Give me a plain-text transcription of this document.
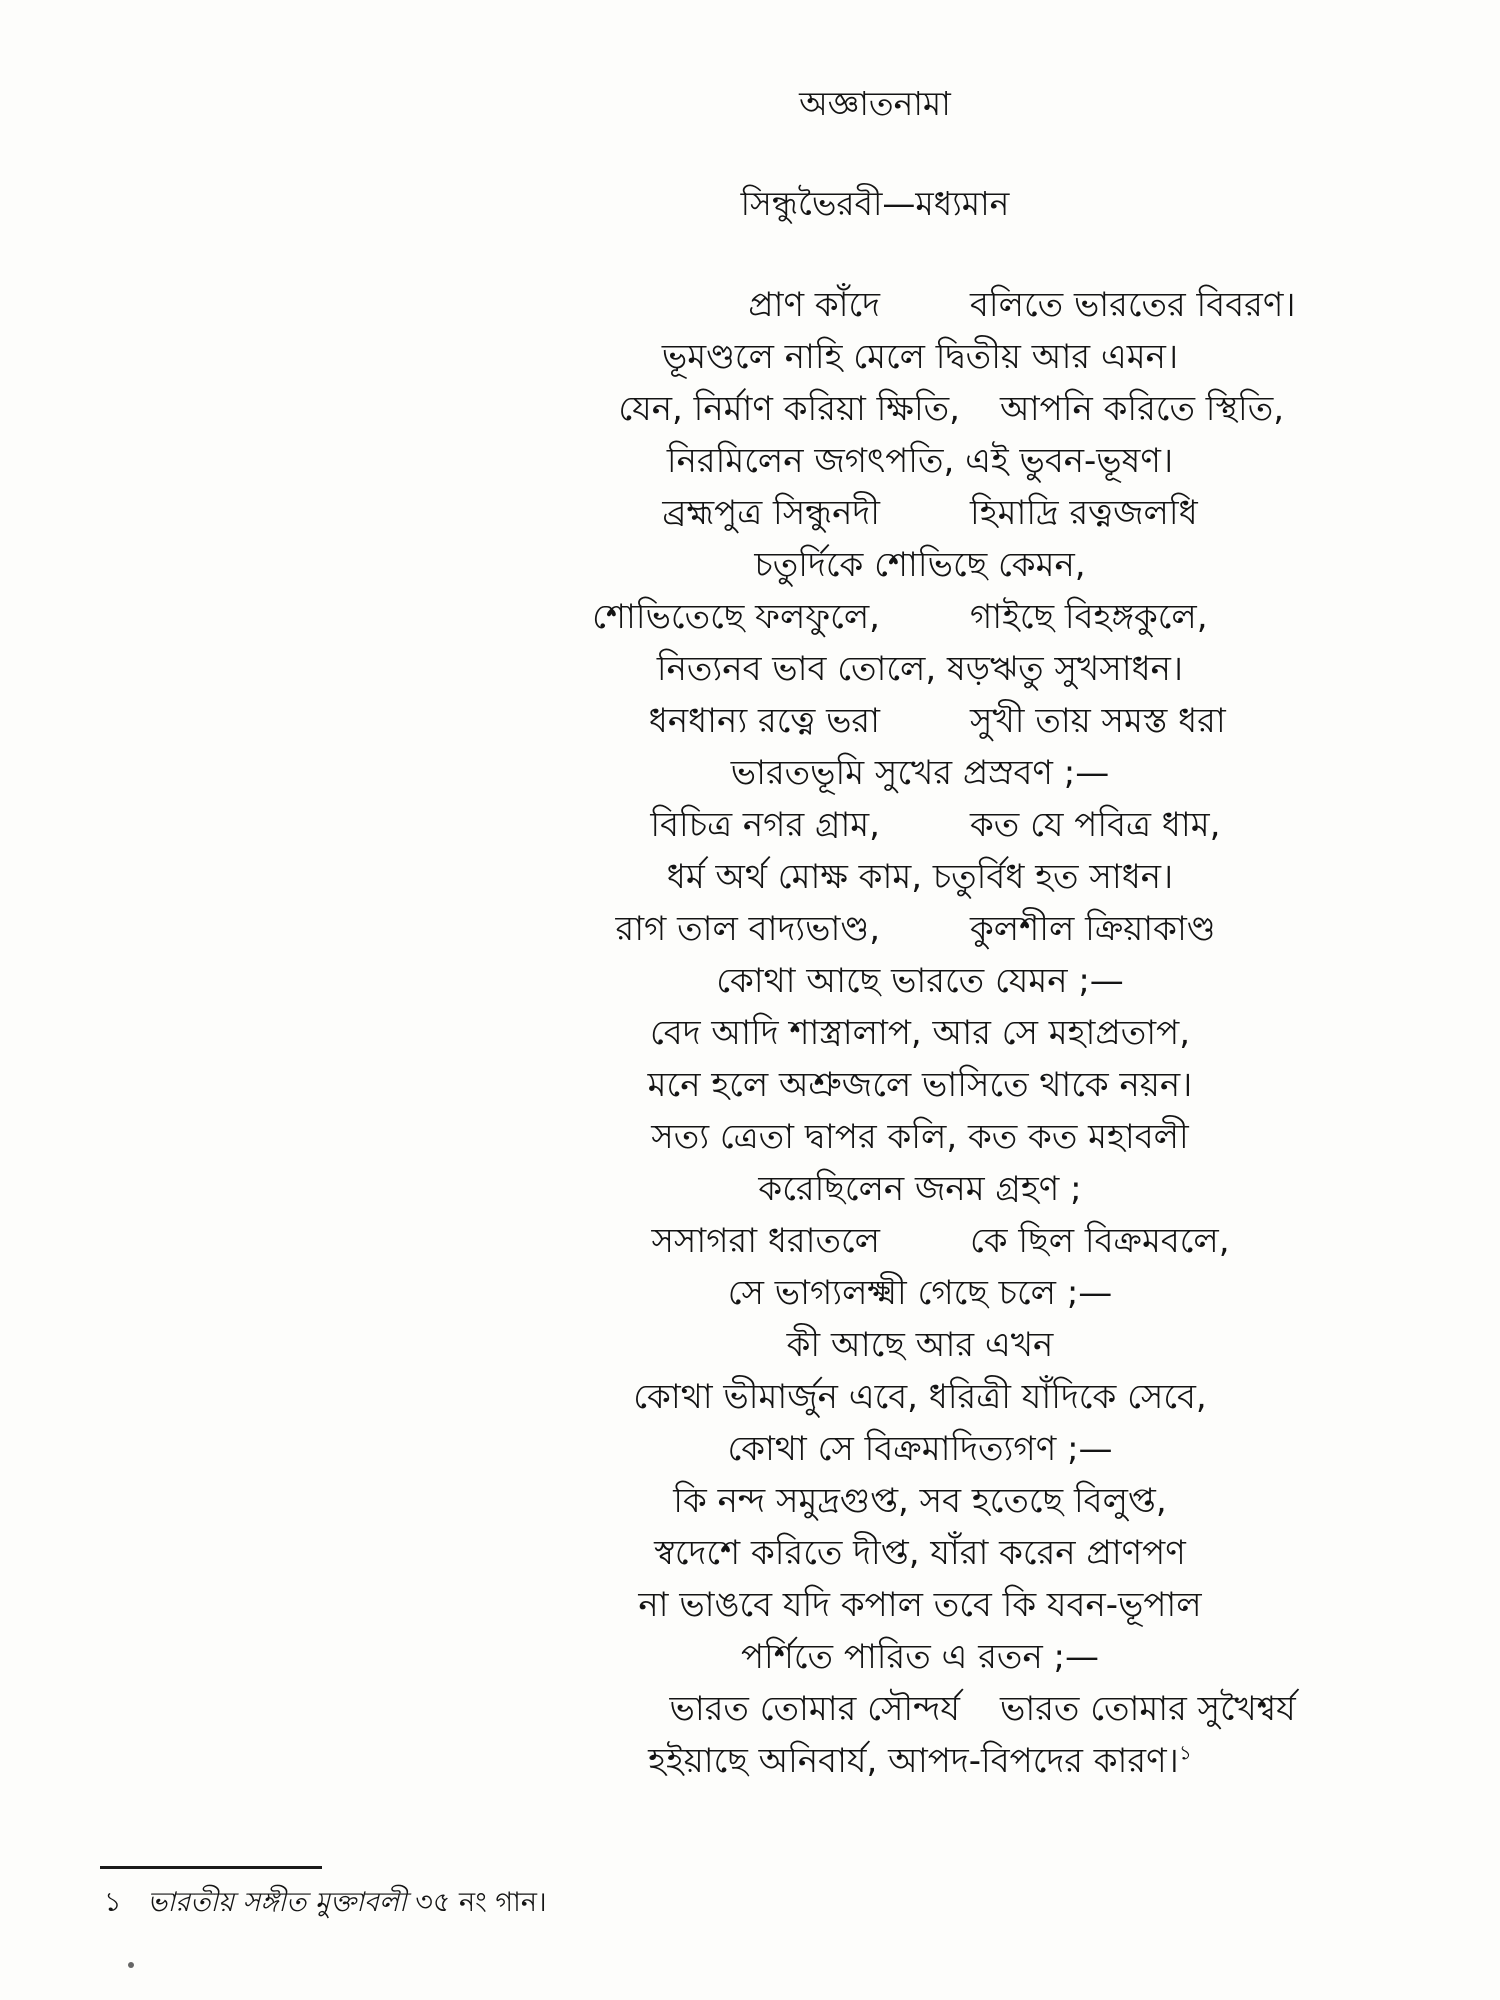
অজ্ঞাতনামা
সিন্ধুভৈরবী—মধ্যমান
প্রাণ কাঁদে	বলিতে ভারতের বিবরণ।
ভূমণ্ডলে নাহি মেলে দ্বিতীয় আর এমন।
যেন, নির্মাণ করিয়া ক্ষিতি, আপনি করিতে স্থিতি,
নিরমিলেন জগৎপতি, এই ভুবন-ভূষণ।
ব্রহ্মপুত্র সিন্ধুনদী	হিমাদ্রি রত্নজলধি
চতুর্দিকে শোভিছে কেমন,
শোভিতেছে ফলফুলে,	গাইছে বিহঙ্গকুলে,
নিত্যনব ভাব তোলে, ষড়ঋতু সুখসাধন।
ধনধান্য রত্নে ভরা	সুখী তায় সমস্ত ধরা
ভারতভূমি সুখের প্রস্রবণ ;—
বিচিত্র নগর গ্রাম,	কত যে পবিত্র ধাম,
ধর্ম অর্থ মোক্ষ কাম, চতুর্বিধ হত সাধন।
রাগ তাল বাদ্যভাণ্ড,	কুলশীল ক্রিয়াকাণ্ড
কোথা আছে ভারতে যেমন ;—
বেদ আদি শাস্ত্রালাপ, আর সে মহাপ্রতাপ,
মনে হলে অশ্রুজলে ভাসিতে থাকে নয়ন।
সত্য ত্রেতা দ্বাপর কলি, কত কত মহাবলী
করেছিলেন জনম গ্রহণ ;
সসাগরা ধরাতলে	কে ছিল বিক্রমবলে,
সে ভাগ্যলক্ষ্মী গেছে চলে ;—
কী আছে আর এখন
কোথা ভীমার্জুন এবে, ধরিত্রী যাঁদিকে সেবে,
কোথা সে বিক্রমাদিত্যগণ ;—
কি নন্দ সমুদ্রগুপ্ত, সব হতেছে বিলুপ্ত,
স্বদেশে করিতে দীপ্ত, যাঁরা করেন প্রাণপণ
না ভাঙবে যদি কপাল তবে কি যবন-ভূপাল
পর্শিতে পারিত এ রতন ;—
ভারত তোমার সৌন্দর্য ভারত তোমার সুখৈশ্বর্য
হইয়াছে অনিবার্য, আপদ-বিপদের কারণ।$^১$
১ ভারতীয় সঙ্গীত মুক্তাবলী ৩৫ নং গান।
